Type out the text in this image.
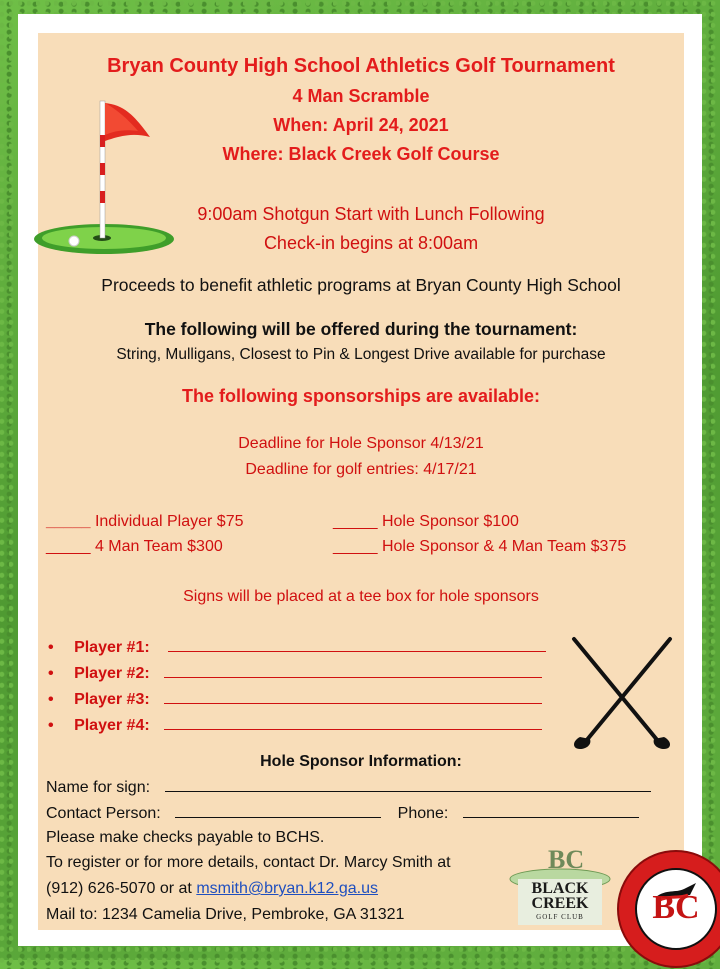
Bryan County High School Athletics Golf Tournament
4 Man Scramble
When: April 24, 2021
Where: Black Creek Golf Course
9:00am Shotgun Start with Lunch Following
Check-in begins at 8:00am
Proceeds to benefit athletic programs at Bryan County High School
The following will be offered during the tournament:
String, Mulligans, Closest to Pin & Longest Drive available for purchase
The following sponsorships are available:
Deadline for Hole Sponsor 4/13/21
Deadline for golf entries: 4/17/21
_____ Individual Player $75	_____ Hole Sponsor $100
_____ 4 Man Team $300	_____ Hole Sponsor & 4 Man Team $375
Signs will be placed at a tee box for hole sponsors
• Player #1:
• Player #2:
• Player #3:
• Player #4:
Hole Sponsor Information:
Name for sign:
Contact Person:	Phone:
Please make checks payable to BCHS.
To register or for more details, contact Dr. Marcy Smith at
(912) 626-5070 or at msmith@bryan.k12.ga.us
Mail to: 1234 Camelia Drive, Pembroke, GA 31321
BC
BLACK
CREEK
GOLF CLUB	BC
